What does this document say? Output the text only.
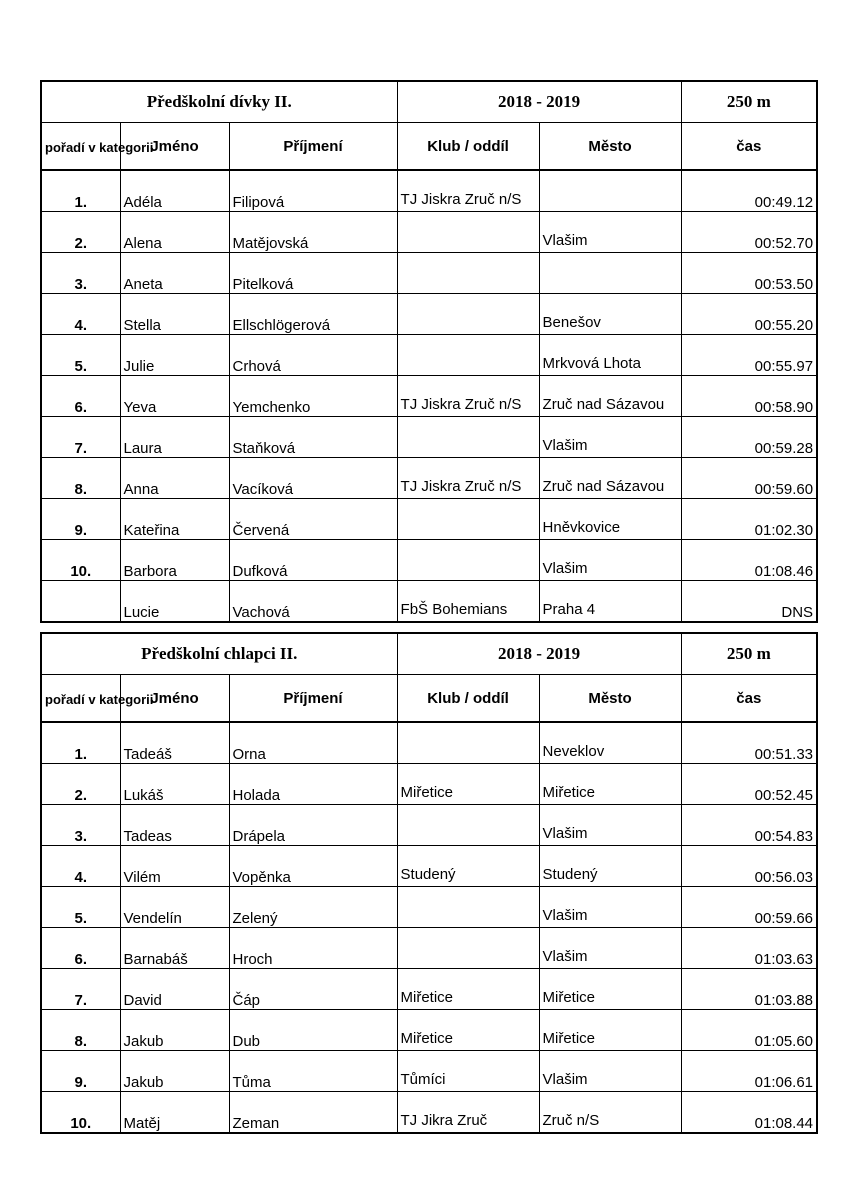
Předškolní dívky II.			2018 - 2019		250 m
pořadí v kategorii	Jméno	Příjmení	Klub / oddíl	Město	čas
1.	Adéla	Filipová	TJ Jiskra Zruč n/S		00:49.12
2.	Alena	Matějovská		Vlašim	00:52.70
3.	Aneta	Pitelková			00:53.50
4.	Stella	Ellschlögerová		Benešov	00:55.20
5.	Julie	Crhová		Mrkvová Lhota	00:55.97
6.	Yeva	Yemchenko	TJ Jiskra Zruč n/S	Zruč nad Sázavou	00:58.90
7.	Laura	Staňková		Vlašim	00:59.28
8.	Anna	Vacíková	TJ Jiskra Zruč n/S	Zruč nad Sázavou	00:59.60
9.	Kateřina	Červená		Hněvkovice	01:02.30
10.	Barbora	Dufková		Vlašim	01:08.46
	Lucie	Vachová	FbŠ Bohemians	Praha 4	DNS
Předškolní chlapci II.			2018 - 2019		250 m
pořadí v kategorii	Jméno	Příjmení	Klub / oddíl	Město	čas
1.	Tadeáš	Orna		Neveklov	00:51.33
2.	Lukáš	Holada	Miřetice	Miřetice	00:52.45
3.	Tadeas	Drápela		Vlašim	00:54.83
4.	Vilém	Vopěnka	Studený	Studený	00:56.03
5.	Vendelín	Zelený		Vlašim	00:59.66
6.	Barnabáš	Hroch		Vlašim	01:03.63
7.	David	Čáp	Miřetice	Miřetice	01:03.88
8.	Jakub	Dub	Miřetice	Miřetice	01:05.60
9.	Jakub	Tůma	Tůmíci	Vlašim	01:06.61
10.	Matěj	Zeman	TJ Jikra Zruč	Zruč n/S	01:08.44
